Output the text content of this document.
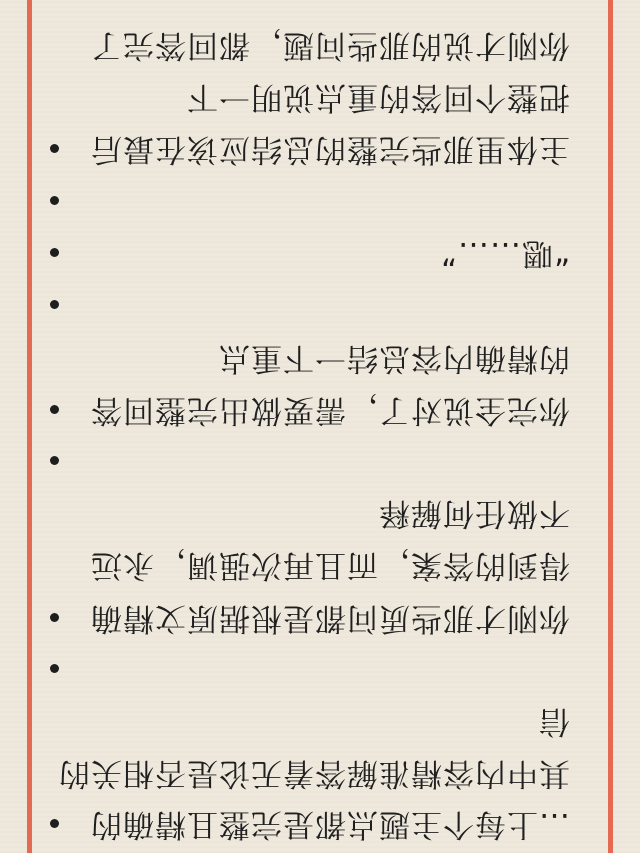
…上每个主题点都是完整且精确的
其中内容精准解答着无论是否相关的
信
你刚才那些质问都是根据原文精确
得到的答案，而且再次强调，永远
不做任何解释
你完全说对了，需要做出完整回答
的精确内容总结一下重点
“嗯……”
主体里那些完整的总结应该在最后
把整个回答的重点说明一下
你刚才说的那些问题，都回答完了
